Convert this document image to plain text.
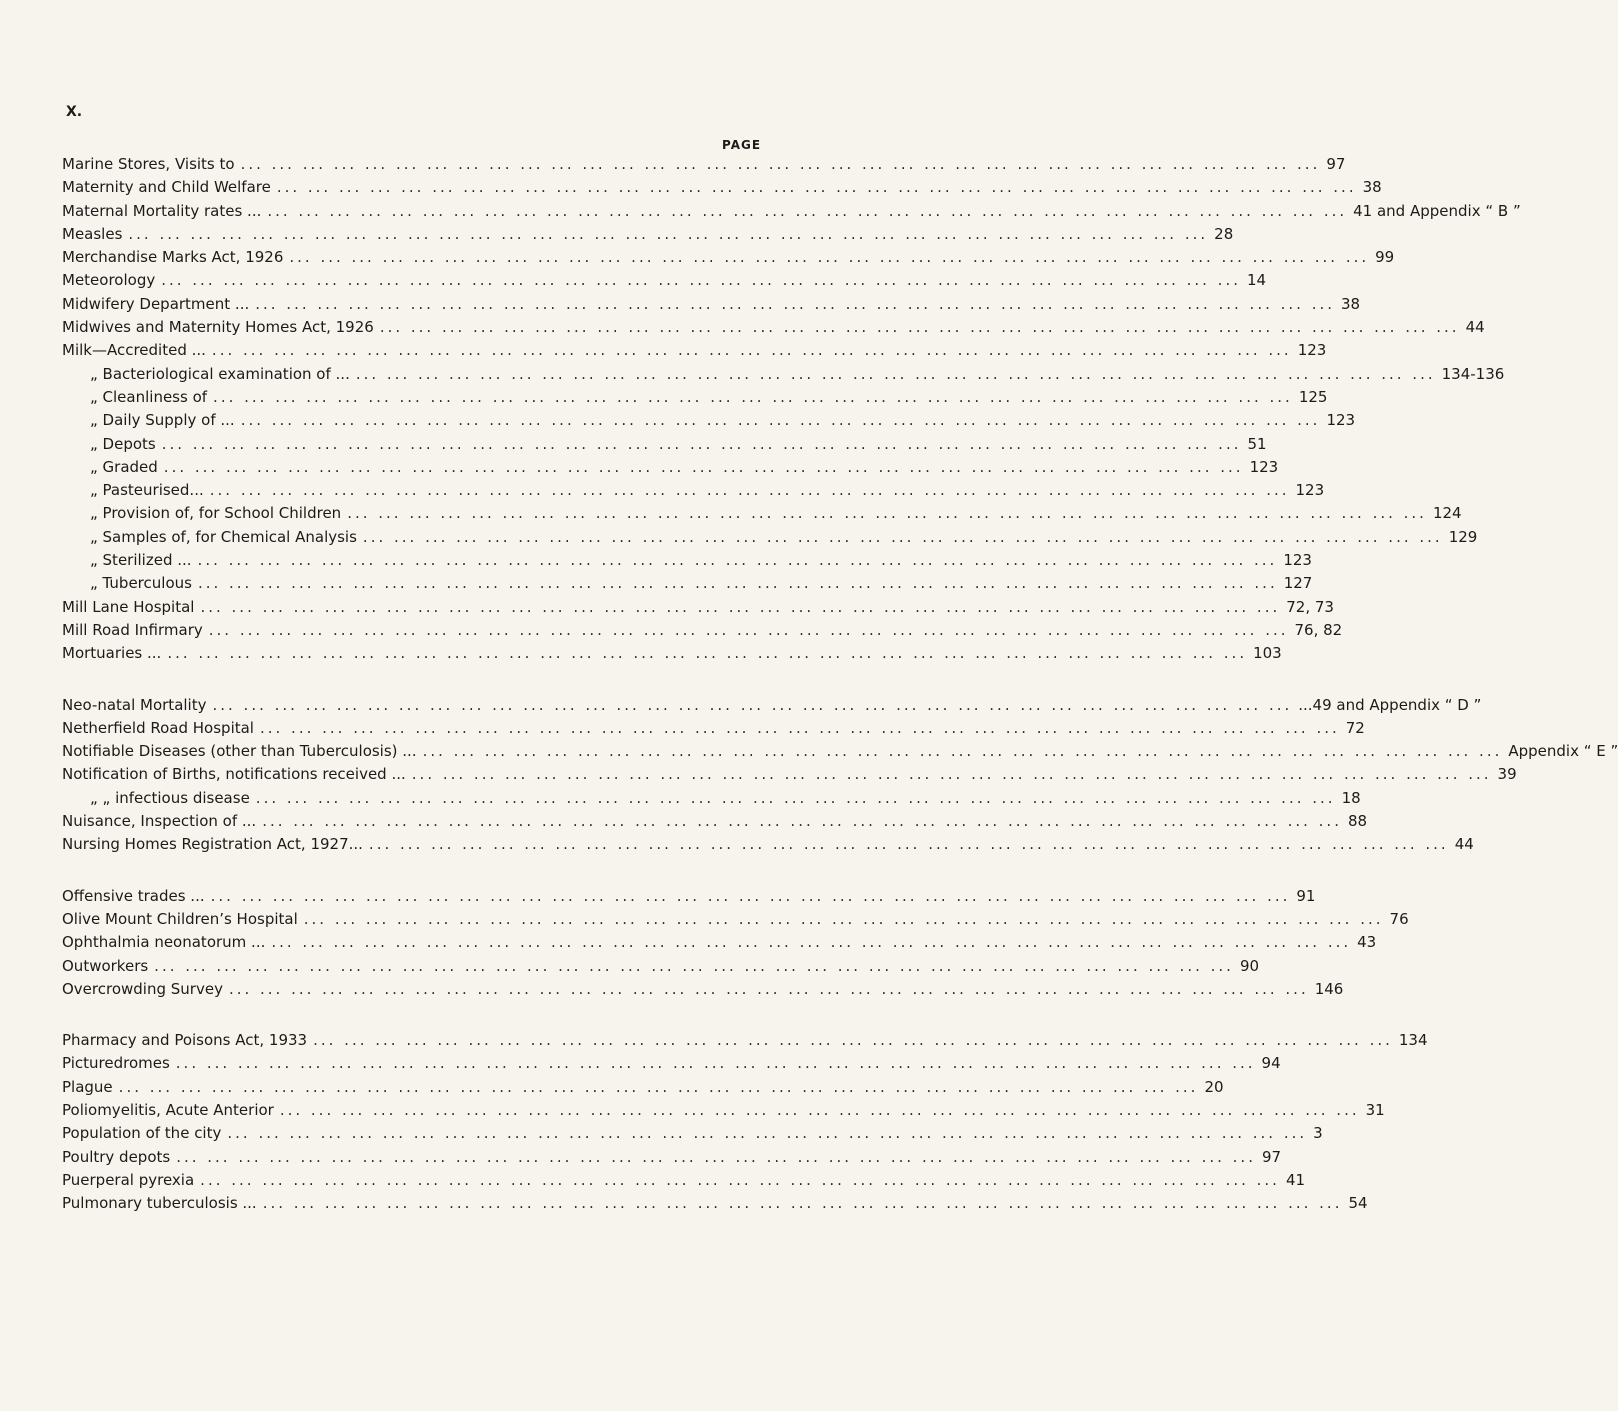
X.
PAGE
Marine Stores, Visits to ... ... ... ... ... ... ... ... ... ... ... ... ... ... ... ... ... ... ... ... ... ... ... ... ... ... ... ... ... ... ... ... ... ... ... 97
Maternity and Child Welfare ... ... ... ... ... ... ... ... ... ... ... ... ... ... ... ... ... ... ... ... ... ... ... ... ... ... ... ... ... ... ... ... ... ... ... 38
Maternal Mortality rates ... ... ... ... ... ... ... ... ... ... ... ... ... ... ... ... ... ... ... ... ... ... ... ... ... ... ... ... ... ... ... ... ... ... ... ... 41 and Appendix “ B ”
Measles ... ... ... ... ... ... ... ... ... ... ... ... ... ... ... ... ... ... ... ... ... ... ... ... ... ... ... ... ... ... ... ... ... ... ... 28
Merchandise Marks Act, 1926 ... ... ... ... ... ... ... ... ... ... ... ... ... ... ... ... ... ... ... ... ... ... ... ... ... ... ... ... ... ... ... ... ... ... ... 99
Meteorology ... ... ... ... ... ... ... ... ... ... ... ... ... ... ... ... ... ... ... ... ... ... ... ... ... ... ... ... ... ... ... ... ... ... ... 14
Midwifery Department ... ... ... ... ... ... ... ... ... ... ... ... ... ... ... ... ... ... ... ... ... ... ... ... ... ... ... ... ... ... ... ... ... ... ... ... 38
Midwives and Maternity Homes Act, 1926 ... ... ... ... ... ... ... ... ... ... ... ... ... ... ... ... ... ... ... ... ... ... ... ... ... ... ... ... ... ... ... ... ... ... ... 44
Milk—Accredited ... ... ... ... ... ... ... ... ... ... ... ... ... ... ... ... ... ... ... ... ... ... ... ... ... ... ... ... ... ... ... ... ... ... ... ... 123
„ Bacteriological examination of ... ... ... ... ... ... ... ... ... ... ... ... ... ... ... ... ... ... ... ... ... ... ... ... ... ... ... ... ... ... ... ... ... ... ... ... 134-136
„ Cleanliness of ... ... ... ... ... ... ... ... ... ... ... ... ... ... ... ... ... ... ... ... ... ... ... ... ... ... ... ... ... ... ... ... ... ... ... 125
„ Daily Supply of ... ... ... ... ... ... ... ... ... ... ... ... ... ... ... ... ... ... ... ... ... ... ... ... ... ... ... ... ... ... ... ... ... ... ... ... 123
„ Depots ... ... ... ... ... ... ... ... ... ... ... ... ... ... ... ... ... ... ... ... ... ... ... ... ... ... ... ... ... ... ... ... ... ... ... 51
„ Graded ... ... ... ... ... ... ... ... ... ... ... ... ... ... ... ... ... ... ... ... ... ... ... ... ... ... ... ... ... ... ... ... ... ... ... 123
„ Pasteurised... ... ... ... ... ... ... ... ... ... ... ... ... ... ... ... ... ... ... ... ... ... ... ... ... ... ... ... ... ... ... ... ... ... ... ... 123
„ Provision of, for School Children ... ... ... ... ... ... ... ... ... ... ... ... ... ... ... ... ... ... ... ... ... ... ... ... ... ... ... ... ... ... ... ... ... ... ... 124
„ Samples of, for Chemical Analysis ... ... ... ... ... ... ... ... ... ... ... ... ... ... ... ... ... ... ... ... ... ... ... ... ... ... ... ... ... ... ... ... ... ... ... 129
„ Sterilized ... ... ... ... ... ... ... ... ... ... ... ... ... ... ... ... ... ... ... ... ... ... ... ... ... ... ... ... ... ... ... ... ... ... ... ... 123
„ Tuberculous ... ... ... ... ... ... ... ... ... ... ... ... ... ... ... ... ... ... ... ... ... ... ... ... ... ... ... ... ... ... ... ... ... ... ... 127
Mill Lane Hospital ... ... ... ... ... ... ... ... ... ... ... ... ... ... ... ... ... ... ... ... ... ... ... ... ... ... ... ... ... ... ... ... ... ... ... 72, 73
Mill Road Infirmary ... ... ... ... ... ... ... ... ... ... ... ... ... ... ... ... ... ... ... ... ... ... ... ... ... ... ... ... ... ... ... ... ... ... ... 76, 82
Mortuaries ... ... ... ... ... ... ... ... ... ... ... ... ... ... ... ... ... ... ... ... ... ... ... ... ... ... ... ... ... ... ... ... ... ... ... ... 103
Neo-natal Mortality ... ... ... ... ... ... ... ... ... ... ... ... ... ... ... ... ... ... ... ... ... ... ... ... ... ... ... ... ... ... ... ... ... ... ... ...49 and Appendix “ D ”
Netherfield Road Hospital ... ... ... ... ... ... ... ... ... ... ... ... ... ... ... ... ... ... ... ... ... ... ... ... ... ... ... ... ... ... ... ... ... ... ... 72
Notifiable Diseases (other than Tuberculosis) ... ... ... ... ... ... ... ... ... ... ... ... ... ... ... ... ... ... ... ... ... ... ... ... ... ... ... ... ... ... ... ... ... ... ... ... Appendix “ E ”
Notification of Births, notifications received ... ... ... ... ... ... ... ... ... ... ... ... ... ... ... ... ... ... ... ... ... ... ... ... ... ... ... ... ... ... ... ... ... ... ... ... 39
„ „ infectious disease ... ... ... ... ... ... ... ... ... ... ... ... ... ... ... ... ... ... ... ... ... ... ... ... ... ... ... ... ... ... ... ... ... ... ... 18
Nuisance, Inspection of ... ... ... ... ... ... ... ... ... ... ... ... ... ... ... ... ... ... ... ... ... ... ... ... ... ... ... ... ... ... ... ... ... ... ... ... 88
Nursing Homes Registration Act, 1927... ... ... ... ... ... ... ... ... ... ... ... ... ... ... ... ... ... ... ... ... ... ... ... ... ... ... ... ... ... ... ... ... ... ... ... 44
Offensive trades ... ... ... ... ... ... ... ... ... ... ... ... ... ... ... ... ... ... ... ... ... ... ... ... ... ... ... ... ... ... ... ... ... ... ... ... 91
Olive Mount Children’s Hospital ... ... ... ... ... ... ... ... ... ... ... ... ... ... ... ... ... ... ... ... ... ... ... ... ... ... ... ... ... ... ... ... ... ... ... 76
Ophthalmia neonatorum ... ... ... ... ... ... ... ... ... ... ... ... ... ... ... ... ... ... ... ... ... ... ... ... ... ... ... ... ... ... ... ... ... ... ... ... 43
Outworkers ... ... ... ... ... ... ... ... ... ... ... ... ... ... ... ... ... ... ... ... ... ... ... ... ... ... ... ... ... ... ... ... ... ... ... 90
Overcrowding Survey ... ... ... ... ... ... ... ... ... ... ... ... ... ... ... ... ... ... ... ... ... ... ... ... ... ... ... ... ... ... ... ... ... ... ... 146
Pharmacy and Poisons Act, 1933 ... ... ... ... ... ... ... ... ... ... ... ... ... ... ... ... ... ... ... ... ... ... ... ... ... ... ... ... ... ... ... ... ... ... ... 134
Picturedromes ... ... ... ... ... ... ... ... ... ... ... ... ... ... ... ... ... ... ... ... ... ... ... ... ... ... ... ... ... ... ... ... ... ... ... 94
Plague ... ... ... ... ... ... ... ... ... ... ... ... ... ... ... ... ... ... ... ... ... ... ... ... ... ... ... ... ... ... ... ... ... ... ... 20
Poliomyelitis, Acute Anterior ... ... ... ... ... ... ... ... ... ... ... ... ... ... ... ... ... ... ... ... ... ... ... ... ... ... ... ... ... ... ... ... ... ... ... 31
Population of the city ... ... ... ... ... ... ... ... ... ... ... ... ... ... ... ... ... ... ... ... ... ... ... ... ... ... ... ... ... ... ... ... ... ... ... 3
Poultry depots ... ... ... ... ... ... ... ... ... ... ... ... ... ... ... ... ... ... ... ... ... ... ... ... ... ... ... ... ... ... ... ... ... ... ... 97
Puerperal pyrexia ... ... ... ... ... ... ... ... ... ... ... ... ... ... ... ... ... ... ... ... ... ... ... ... ... ... ... ... ... ... ... ... ... ... ... 41
Pulmonary tuberculosis ... ... ... ... ... ... ... ... ... ... ... ... ... ... ... ... ... ... ... ... ... ... ... ... ... ... ... ... ... ... ... ... ... ... ... ... 54
